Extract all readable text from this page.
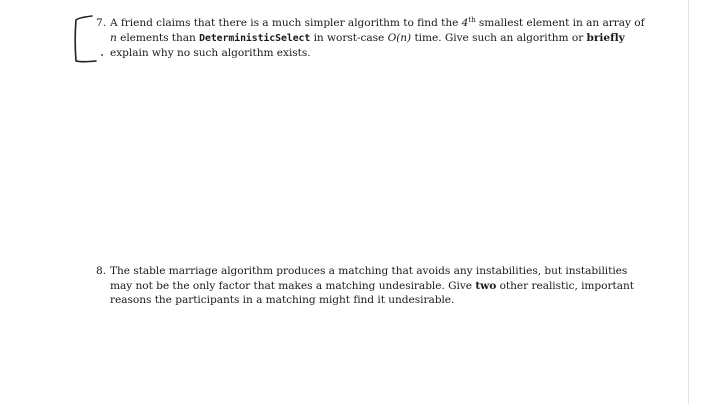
7. A friend claims that there is a much simpler algorithm to find the 4th smallest element in an array of
n elements than DeterministicSelect in worst-case O(n) time. Give such an algorithm or briefly
explain why no such algorithm exists.
8. The stable marriage algorithm produces a matching that avoids any instabilities, but instabilities
may not be the only factor that makes a matching undesirable. Give two other realistic, important
reasons the participants in a matching might find it undesirable.
